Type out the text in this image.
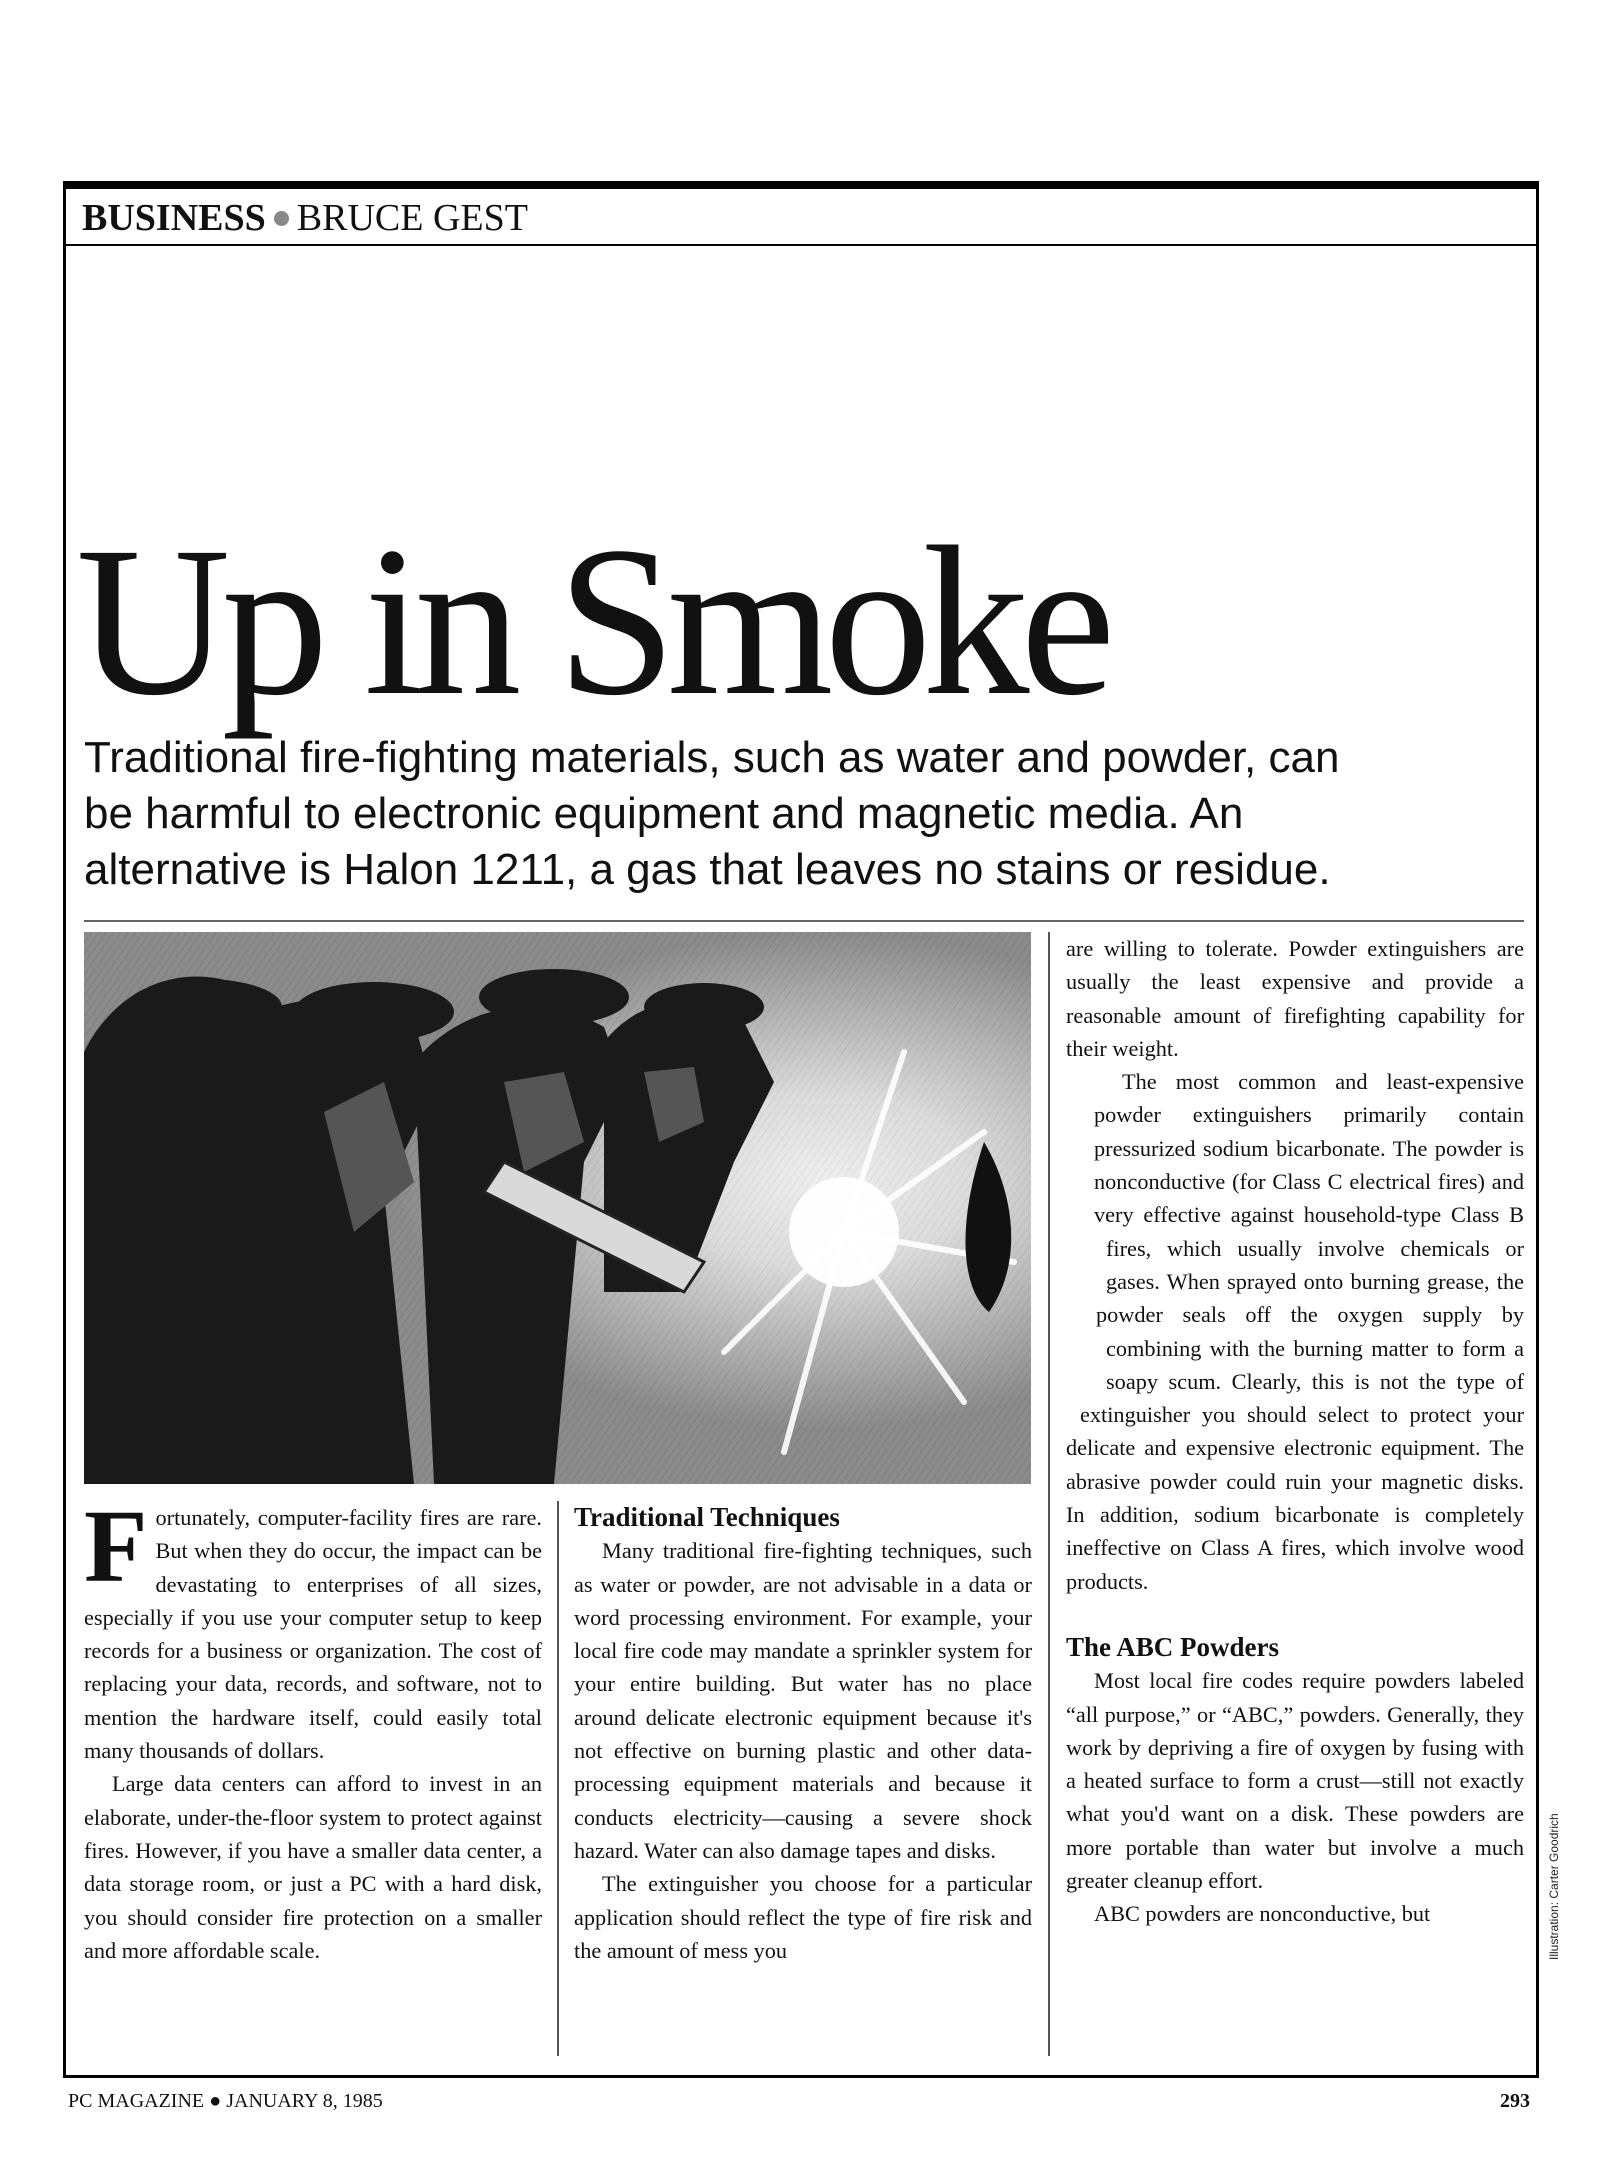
BUSINESS BRUCE GEST
Up in Smoke
Traditional fire-fighting materials, such as water and powder, can
be harmful to electronic equipment and magnetic media. An
alternative is Halon 1211, a gas that leaves no stains or residue.

Fortunately, computer-facility fires are rare. But when they do occur, the impact can be devastating to enterprises of all sizes, especially if you use your computer setup to keep records for a business or organization. The cost of replacing your data, records, and software, not to mention the hardware itself, could easily total many thousands of dollars.

Large data centers can afford to invest in an elaborate, under-the-floor system to protect against fires. However, if you have a smaller data center, a data storage room, or just a PC with a hard disk, you should consider fire protection on a smaller and more affordable scale.

Traditional Techniques

Many traditional fire-fighting techniques, such as water or powder, are not advisable in a data or word processing environment. For example, your local fire code may mandate a sprinkler system for your entire building. But water has no place around delicate electronic equipment because it's not effective on burning plastic and other data-processing equipment materials and because it conducts electricity—causing a severe shock hazard. Water can also damage tapes and disks.

The extinguisher you choose for a particular application should reflect the type of fire risk and the amount of mess you

are willing to tolerate. Powder extinguishers are usually the least expensive and provide a reasonable amount of firefighting capability for their weight.

The most common and least-expensive powder extinguishers primarily contain pressurized sodium bicarbonate. The powder is nonconductive (for Class C electrical fires) and very effective against household-type Class B fires, which usually involve chemicals or gases. When sprayed onto burning grease, the powder seals off the oxygen supply by combining with the burning matter to form a soapy scum. Clearly, this is not the type of extinguisher you should select to protect your delicate and expensive electronic equipment. The abrasive powder could ruin your magnetic disks. In addition, sodium bicarbonate is completely ineffective on Class A fires, which involve wood products.

The ABC Powders

Most local fire codes require powders labeled “all purpose,” or “ABC,” powders. Generally, they work by depriving a fire of oxygen by fusing with a heated surface to form a crust—still not exactly what you'd want on a disk. These powders are more portable than water but involve a much greater cleanup effort.

ABC powders are nonconductive, but	Illustration: Carter Goodrich
PC MAGAZINE ● JANUARY 8, 1985	293
